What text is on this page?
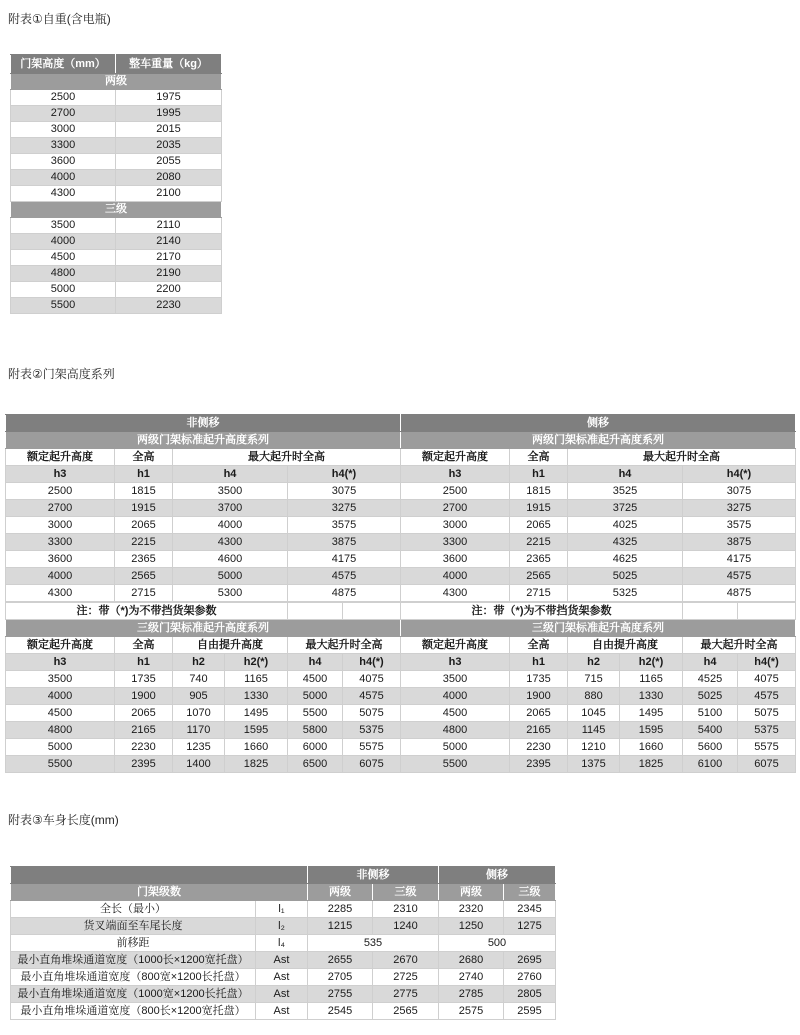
附表①自重(含电瓶)
门架高度（mm）	整车重量（kg）
两级	
2500	1975
2700	1995
3000	2015
3300	2035
3600	2055
4000	2080
4300	2100
三级	
3500	2110
4000	2140
4500	2170
4800	2190
5000	2200
5500	2230
附表②门架高度系列
非侧移				侧移			
两级门架标准起升高度系列				两级门架标准起升高度系列			
额定起升高度	全高	最大起升时全高		额定起升高度	全高	最大起升时全高	
h3	h1	h4	h4(*)	h3	h1	h4	h4(*)
2500	1815	3500	3075	2500	1815	3525	3075
2700	1915	3700	3275	2700	1915	3725	3275
3000	2065	4000	3575	3000	2065	4025	3575
3300	2215	4300	3875	3300	2215	4325	3875
3600	2365	4600	4175	3600	2365	4625	4175
4000	2565	5000	4575	4000	2565	5025	4575
4300	2715	5300	4875	4300	2715	5325	4875
注：带（*)为不带挡货架参数						注：带（*)为不带挡货架参数					
三级门架标准起升高度系列						三级门架标准起升高度系列					
额定起升高度	全高	自由提升高度		最大起升时全高		额定起升高度	全高	自由提升高度		最大起升时全高	
h3	h1	h2	h2(*)	h4	h4(*)	h3	h1	h2	h2(*)	h4	h4(*)
3500	1735	740	1165	4500	4075	3500	1735	715	1165	4525	4075
4000	1900	905	1330	5000	4575	4000	1900	880	1330	5025	4575
4500	2065	1070	1495	5500	5075	4500	2065	1045	1495	5100	5075
4800	2165	1170	1595	5800	5375	4800	2165	1145	1595	5400	5375
5000	2230	1235	1660	6000	5575	5000	2230	1210	1660	5600	5575
5500	2395	1400	1825	6500	6075	5500	2395	1375	1825	6100	6075
附表③车身长度(mm)
		非侧移		侧移	
门架级数		两级	三级	两级	三级
全长（最小）	l₁	2285	2310	2320	2345
货叉端面至车尾长度	l₂	1215	1240	1250	1275
前移距	l₄	535		500	
最小直角堆垛通道宽度（1000长×1200宽托盘）	Ast	2655	2670	2680	2695
最小直角堆垛通道宽度（800宽×1200长托盘）	Ast	2705	2725	2740	2760
最小直角堆垛通道宽度（1000宽×1200长托盘）	Ast	2755	2775	2785	2805
最小直角堆垛通道宽度（800长×1200宽托盘）	Ast	2545	2565	2575	2595
